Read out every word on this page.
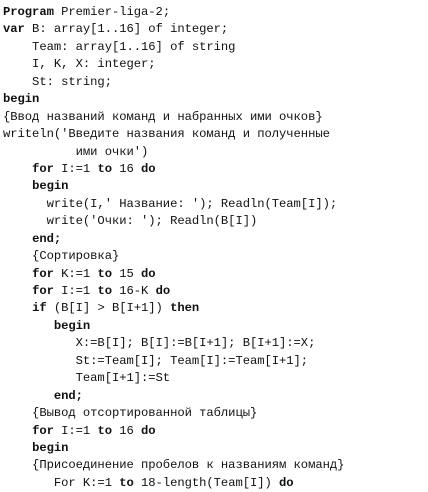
Program Premier-liga-2;
var B: array[1..16] of integer;
Team: array[1..16] of string
I, K, X: integer;
St: string;
begin
{Ввод названий команд и набранных ими очков}
writeln('Введите названия команд и полученные
ими очки')
for I:=1 to 16 do
begin
write(I,' Название: '); Readln(Team[I]);
write('Очки: '); Readln(B[I])
end;
{Сортировка}
for K:=1 to 15 do
for I:=1 to 16-K do
if (B[I] > B[I+1]) then
begin
X:=B[I]; B[I]:=B[I+1]; B[I+1]:=X;
St:=Team[I]; Team[I]:=Team[I+1];
Team[I+1]:=St
end;
{Вывод отсортированной таблицы}
for I:=1 to 16 do
begin
{Присоединение пробелов к названиям команд}
For K:=1 to 18-length(Team[I]) do
